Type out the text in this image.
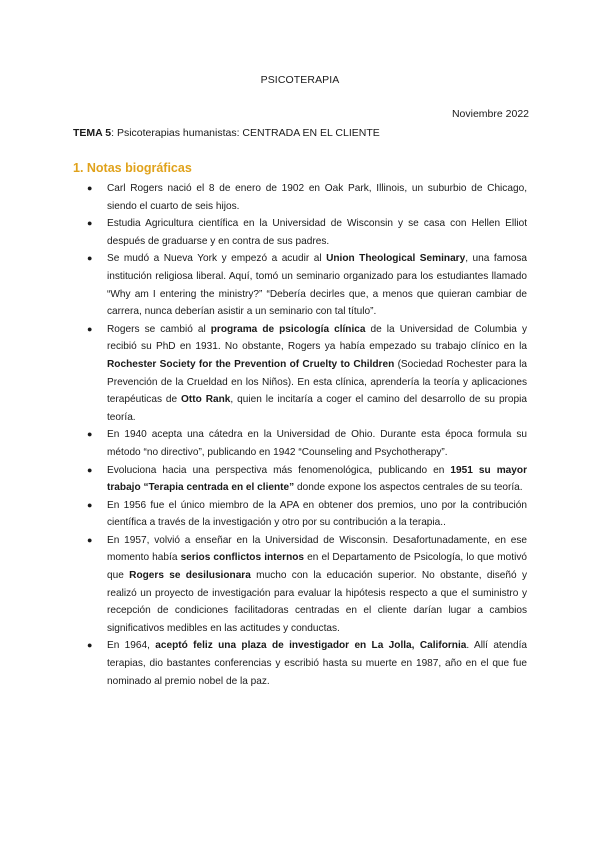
PSICOTERAPIA
Noviembre 2022
TEMA 5: Psicoterapias humanistas: CENTRADA EN EL CLIENTE
1. Notas biográficas
● Carl Rogers nació el 8 de enero de 1902 en Oak Park, Illinois, un suburbio de Chicago, siendo el cuarto de seis hijos.
● Estudia Agricultura científica en la Universidad de Wisconsin y se casa con Hellen Elliot después de graduarse y en contra de sus padres.
● Se mudó a Nueva York y empezó a acudir al Union Theological Seminary, una famosa institución religiosa liberal. Aquí, tomó un seminario organizado para los estudiantes llamado “Why am I entering the ministry?” “Debería decirles que, a menos que quieran cambiar de carrera, nunca deberían asistir a un seminario con tal título”.
● Rogers se cambió al programa de psicología clínica de la Universidad de Columbia y recibió su PhD en 1931. No obstante, Rogers ya había empezado su trabajo clínico en la Rochester Society for the Prevention of Cruelty to Children (Sociedad Rochester para la Prevención de la Crueldad en los Niños). En esta clínica, aprendería la teoría y aplicaciones terapéuticas de Otto Rank, quien le incitaría a coger el camino del desarrollo de su propia teoría.
● En 1940 acepta una cátedra en la Universidad de Ohio. Durante esta época formula su método “no directivo”, publicando en 1942 “Counseling and Psychotherapy”.
● Evoluciona hacia una perspectiva más fenomenológica, publicando en 1951 su mayor trabajo “Terapia centrada en el cliente” donde expone los aspectos centrales de su teoría.
● En 1956 fue el único miembro de la APA en obtener dos premios, uno por la contribución científica a través de la investigación y otro por su contribución a la terapia..
● En 1957, volvió a enseñar en la Universidad de Wisconsin. Desafortunadamente, en ese momento había serios conflictos internos en el Departamento de Psicología, lo que motivó que Rogers se desilusionara mucho con la educación superior. No obstante, diseñó y realizó un proyecto de investigación para evaluar la hipótesis respecto a que el suministro y recepción de condiciones facilitadoras centradas en el cliente darían lugar a cambios significativos medibles en las actitudes y conductas.
● En 1964, aceptó feliz una plaza de investigador en La Jolla, California. Allí atendía terapias, dio bastantes conferencias y escribió hasta su muerte en 1987, año en el que fue nominado al premio nobel de la paz.
